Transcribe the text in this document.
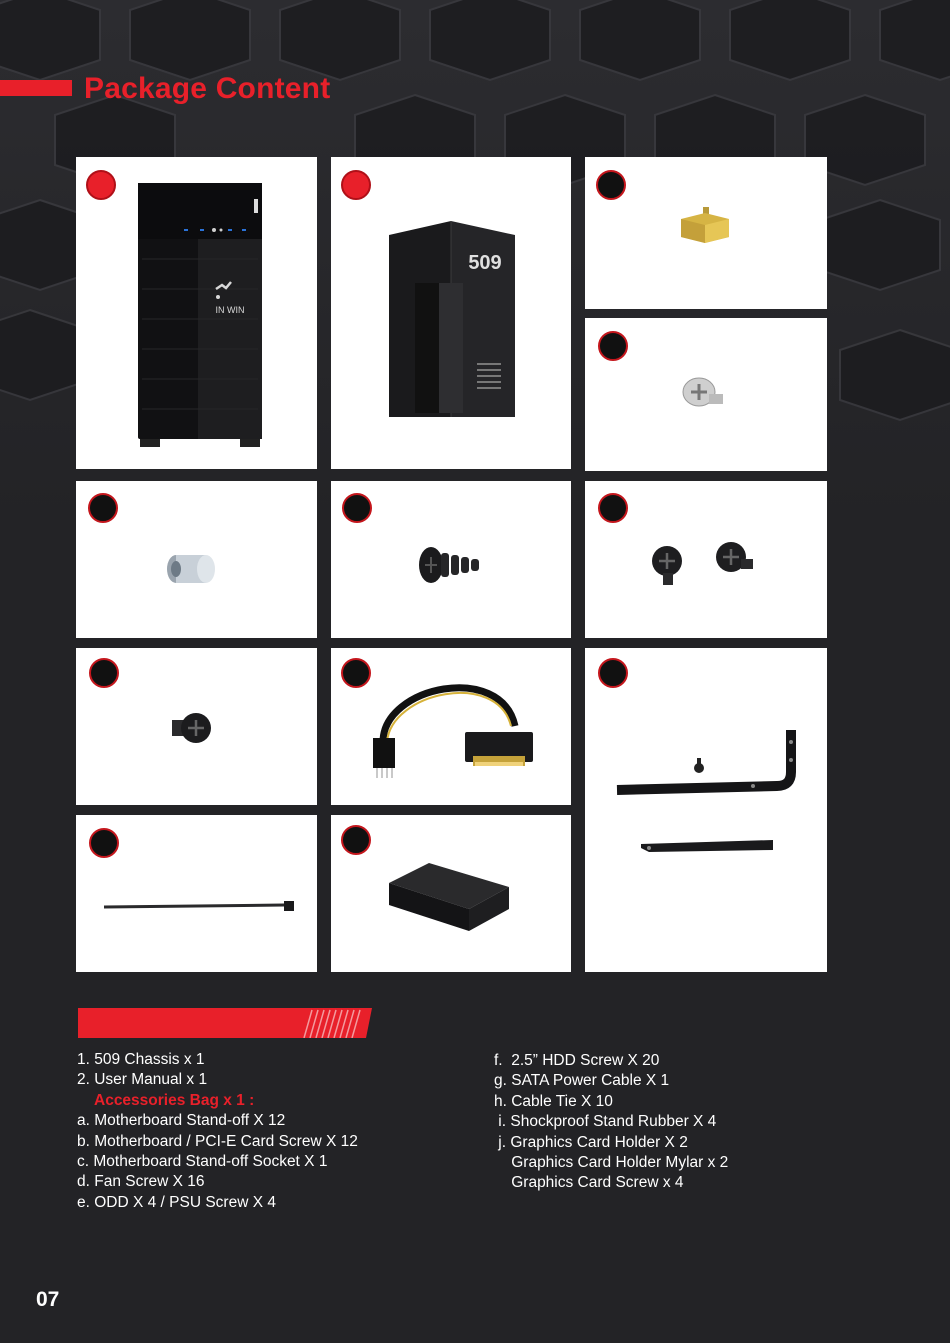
Package Content
IN WIN
509
1. 509 Chassis x 1
2. User Manual x 1
Accessories Bag x 1 :
a. Motherboard Stand-off X 12
b. Motherboard / PCI-E Card Screw X 12
c. Motherboard Stand-off Socket X 1
d. Fan Screw X 16
e. ODD X 4 / PSU Screw X 4
f.  2.5” HDD Screw X 20
g. SATA Power Cable X 1
h. Cable Tie X 10
i. Shockproof Stand Rubber X 4
j. Graphics Card Holder X 2
Graphics Card Holder Mylar x 2
Graphics Card Screw x 4
07
